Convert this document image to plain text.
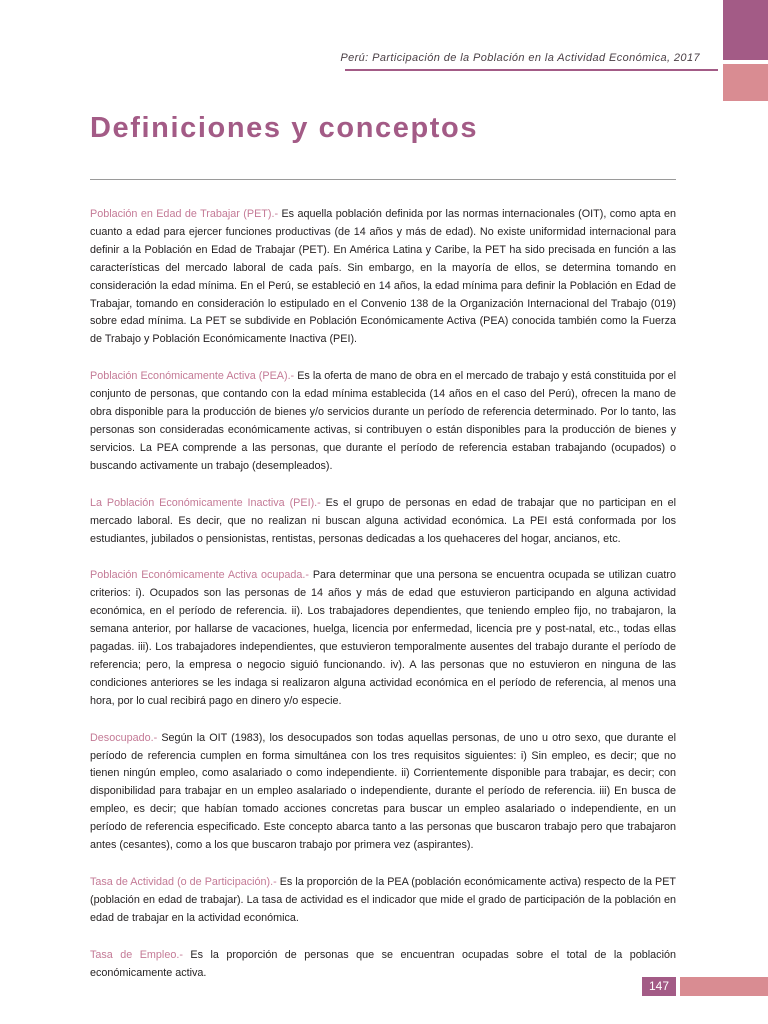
Perú: Participación de la Población en la Actividad Económica, 2017
Definiciones y conceptos

Población en Edad de Trabajar (PET).- Es aquella población definida por las normas internacionales (OIT), como apta en cuanto a edad para ejercer funciones productivas (de 14 años y más de edad). No existe uniformidad internacional para definir a la Población en Edad de Trabajar (PET). En América Latina y Caribe, la PET ha sido precisada en función a las características del mercado laboral de cada país. Sin embargo, en la mayoría de ellos, se determina tomando en consideración la edad mínima. En el Perú, se estableció en 14 años, la edad mínima para definir la Población en Edad de Trabajar, tomando en consideración lo estipulado en el Convenio 138 de la Organización Internacional del Trabajo (019) sobre edad mínima. La PET se subdivide en Población Económicamente Activa (PEA) conocida también como la Fuerza de Trabajo y Población Económicamente Inactiva (PEI).

Población Económicamente Activa (PEA).- Es la oferta de mano de obra en el mercado de trabajo y está constituida por el conjunto de personas, que contando con la edad mínima establecida (14 años en el caso del Perú), ofrecen la mano de obra disponible para la producción de bienes y/o servicios durante un período de referencia determinado. Por lo tanto, las personas son consideradas económicamente activas, si contribuyen o están disponibles para la producción de bienes y servicios. La PEA comprende a las personas, que durante el período de referencia estaban trabajando (ocupados) o buscando activamente un trabajo (desempleados).

La Población Económicamente Inactiva (PEI).- Es el grupo de personas en edad de trabajar que no participan en el mercado laboral. Es decir, que no realizan ni buscan alguna actividad económica. La PEI está conformada por los estudiantes, jubilados o pensionistas, rentistas, personas dedicadas a los quehaceres del hogar, ancianos, etc.

Población Económicamente Activa ocupada.- Para determinar que una persona se encuentra ocupada se utilizan cuatro criterios: i). Ocupados son las personas de 14 años y más de edad que estuvieron participando en alguna actividad económica, en el período de referencia. ii). Los trabajadores dependientes, que teniendo empleo fijo, no trabajaron, la semana anterior, por hallarse de vacaciones, huelga, licencia por enfermedad, licencia pre y post-natal, etc., todas ellas pagadas. iii). Los trabajadores independientes, que estuvieron temporalmente ausentes del trabajo durante el período de referencia; pero, la empresa o negocio siguió funcionando. iv). A las personas que no estuvieron en ninguna de las condiciones anteriores se les indaga si realizaron alguna actividad económica en el período de referencia, al menos una hora, por lo cual recibirá pago en dinero y/o especie.

Desocupado.- Según la OIT (1983), los desocupados son todas aquellas personas, de uno u otro sexo, que durante el período de referencia cumplen en forma simultánea con los tres requisitos siguientes: i) Sin empleo, es decir; que no tienen ningún empleo, como asalariado o como independiente. ii) Corrientemente disponible para trabajar, es decir; con disponibilidad para trabajar en un empleo asalariado o independiente, durante el período de referencia. iii) En busca de empleo, es decir; que habían tomado acciones concretas para buscar un empleo asalariado o independiente, en un período de referencia especificado. Este concepto abarca tanto a las personas que buscaron trabajo pero que trabajaron antes (cesantes), como a los que buscaron trabajo por primera vez (aspirantes).

Tasa de Actividad (o de Participación).- Es la proporción de la PEA (población económicamente activa) respecto de la PET (población en edad de trabajar). La tasa de actividad es el indicador que mide el grado de participación de la población en edad de trabajar en la actividad económica.

Tasa de Empleo.- Es la proporción de personas que se encuentran ocupadas sobre el total de la población económicamente activa.

147
